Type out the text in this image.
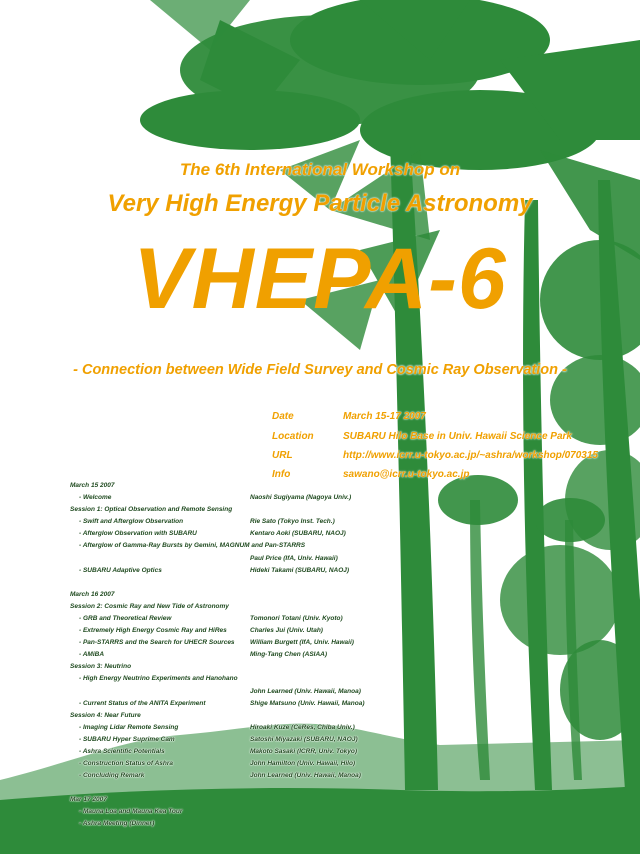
The 6th International Workshop on
Very High Energy Particle Astronomy
VHEPA-6
- Connection between Wide Field Survey and Cosmic Ray Observation -
Date	March 15-17 2007
Location	SUBARU Hilo Base in Univ. Hawaii Science Park
URL	http://www.icrr.u-tokyo.ac.jp/~ashra/workshop/070315
Info	sawano@icrr.u-tokyo.ac.jp
March 15 2007
- Welcome	Naoshi Sugiyama (Nagoya Univ.)
Session 1: Optical Observation and Remote Sensing
- Swift and Afterglow Observation	Rie Sato (Tokyo Inst. Tech.)
- Afterglow Observation with SUBARU	Kentaro Aoki (SUBARU, NAOJ)
- Afterglow of Gamma-Ray Bursts by Gemini, MAGNUM and Pan-STARRS
Paul Price (IfA, Univ. Hawaii)
- SUBARU Adaptive Optics	Hideki Takami (SUBARU, NAOJ)
March 16 2007
Session 2: Cosmic Ray and New Tide of Astronomy
- GRB and Theoretical Review	Tomonori Totani (Univ. Kyoto)
- Extremely High Energy Cosmic Ray and HiRes	Charles Jui (Univ. Utah)
- Pan-STARRS and the Search for UHECR Sources William Burgett (IfA, Univ. Hawaii)
- AMiBA	Ming-Tang Chen (ASIAA)
Session 3: Neutrino
- High Energy Neutrino Experiments and Hanohano
John Learned (Univ. Hawaii, Manoa)
- Current Status of the ANITA Experiment	Shige Matsuno (Univ. Hawaii, Manoa)
Session 4: Near Future
- Imaging Lidar Remote Sensing	Hiroaki Kuze (CeRes, Chiba Univ.)
- SUBARU Hyper Suprime Cam	Satoshi Miyazaki (SUBARU, NAOJ)
- Ashra Scientific Potentials	Makoto Sasaki (ICRR, Univ. Tokyo)
- Construction Status of Ashra	John Hamilton (Univ. Hawaii, Hilo)
- Concluding Remark	John Learned (Univ. Hawaii, Manoa)
Mar 17 2007
- Mauna Loa and Mauna Kea Tour
- Ashra Meeting (Dinner)
